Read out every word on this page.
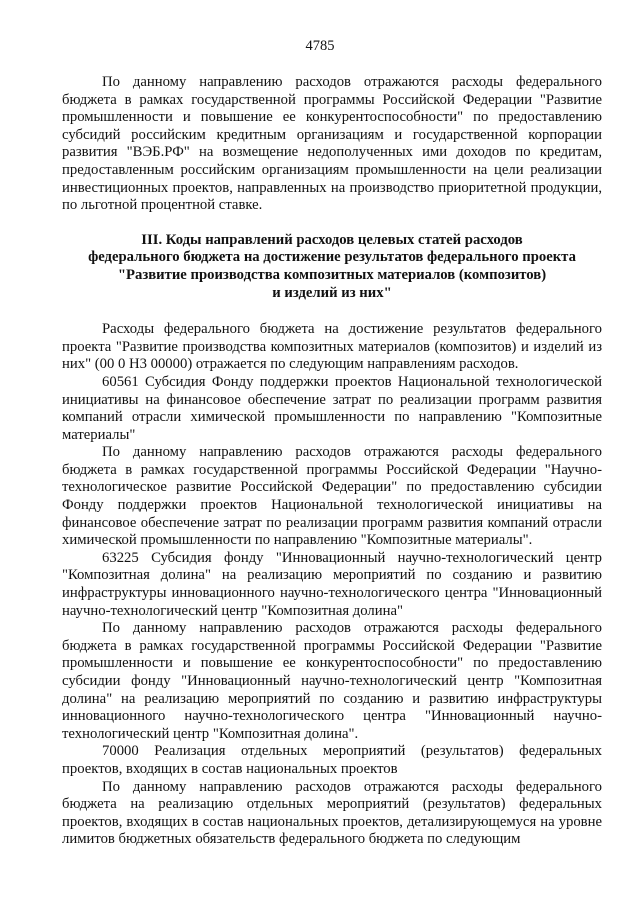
4785

По данному направлению расходов отражаются расходы федерального бюджета в рамках государственной программы Российской Федерации "Развитие промышленности и повышение ее конкурентоспособности" по предоставлению субсидий российским кредитным организациям и государственной корпорации развития "ВЭБ.РФ" на возмещение недополученных ими доходов по кредитам, предоставленным российским организациям промышленности на цели реализации инвестиционных проектов, направленных на производство приоритетной продукции, по льготной процентной ставке.

III. Коды направлений расходов целевых статей расходов
федерального бюджета на достижение результатов федерального проекта
"Развитие производства композитных материалов (композитов)
и изделий из них"

Расходы федерального бюджета на достижение результатов федерального проекта "Развитие производства композитных материалов (композитов) и изделий из них" (00 0 Н3 00000) отражается по следующим направлениям расходов.

60561 Субсидия Фонду поддержки проектов Национальной технологической инициативы на финансовое обеспечение затрат по реализации программ развития компаний отрасли химической промышленности по направлению "Композитные материалы"

По данному направлению расходов отражаются расходы федерального бюджета в рамках государственной программы Российской Федерации "Научно-технологическое развитие Российской Федерации" по предоставлению субсидии Фонду поддержки проектов Национальной технологической инициативы на финансовое обеспечение затрат по реализации программ развития компаний отрасли химической промышленности по направлению "Композитные материалы".

63225 Субсидия фонду "Инновационный научно-технологический центр "Композитная долина" на реализацию мероприятий по созданию и развитию инфраструктуры инновационного научно-технологического центра "Инновационный научно-технологический центр "Композитная долина"

По данному направлению расходов отражаются расходы федерального бюджета в рамках государственной программы Российской Федерации "Развитие промышленности и повышение ее конкурентоспособности" по предоставлению субсидии фонду "Инновационный научно-технологический центр "Композитная долина" на реализацию мероприятий по созданию и развитию инфраструктуры инновационного научно-технологического центра "Инновационный научно-технологический центр "Композитная долина".

70000 Реализация отдельных мероприятий (результатов) федеральных проектов, входящих в состав национальных проектов

По данному направлению расходов отражаются расходы федерального бюджета на реализацию отдельных мероприятий (результатов) федеральных проектов, входящих в состав национальных проектов, детализирующемуся на уровне лимитов бюджетных обязательств федерального бюджета по следующим
